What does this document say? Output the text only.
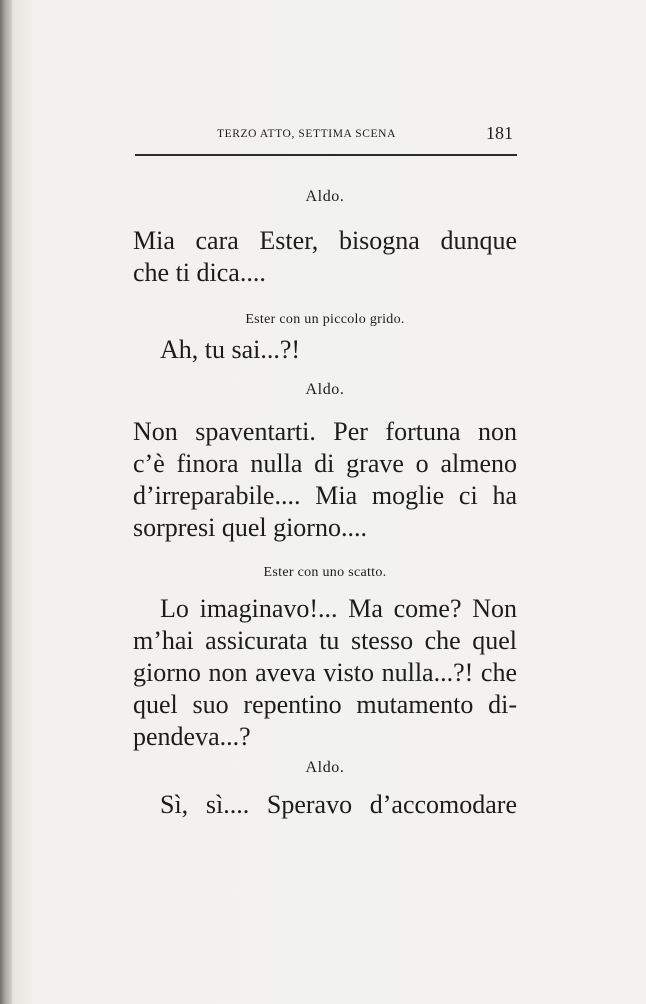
TERZO ATTO, SETTIMA SCENA	181
Aldo.
Mia cara Ester, bisogna dunque
che ti dica....
Ester con un piccolo grido.
Ah, tu sai...?!
Aldo.
Non spaventarti. Per fortuna non
c’è finora nulla di grave o almeno
d’irreparabile.... Mia moglie ci ha
sorpresi quel giorno....
Ester con uno scatto.
Lo imaginavo!... Ma come? Non
m’hai assicurata tu stesso che quel
giorno non aveva visto nulla...?! che
quel suo repentino mutamento di-
pendeva...?
Aldo.
Sì, sì.... Speravo d’accomodare
